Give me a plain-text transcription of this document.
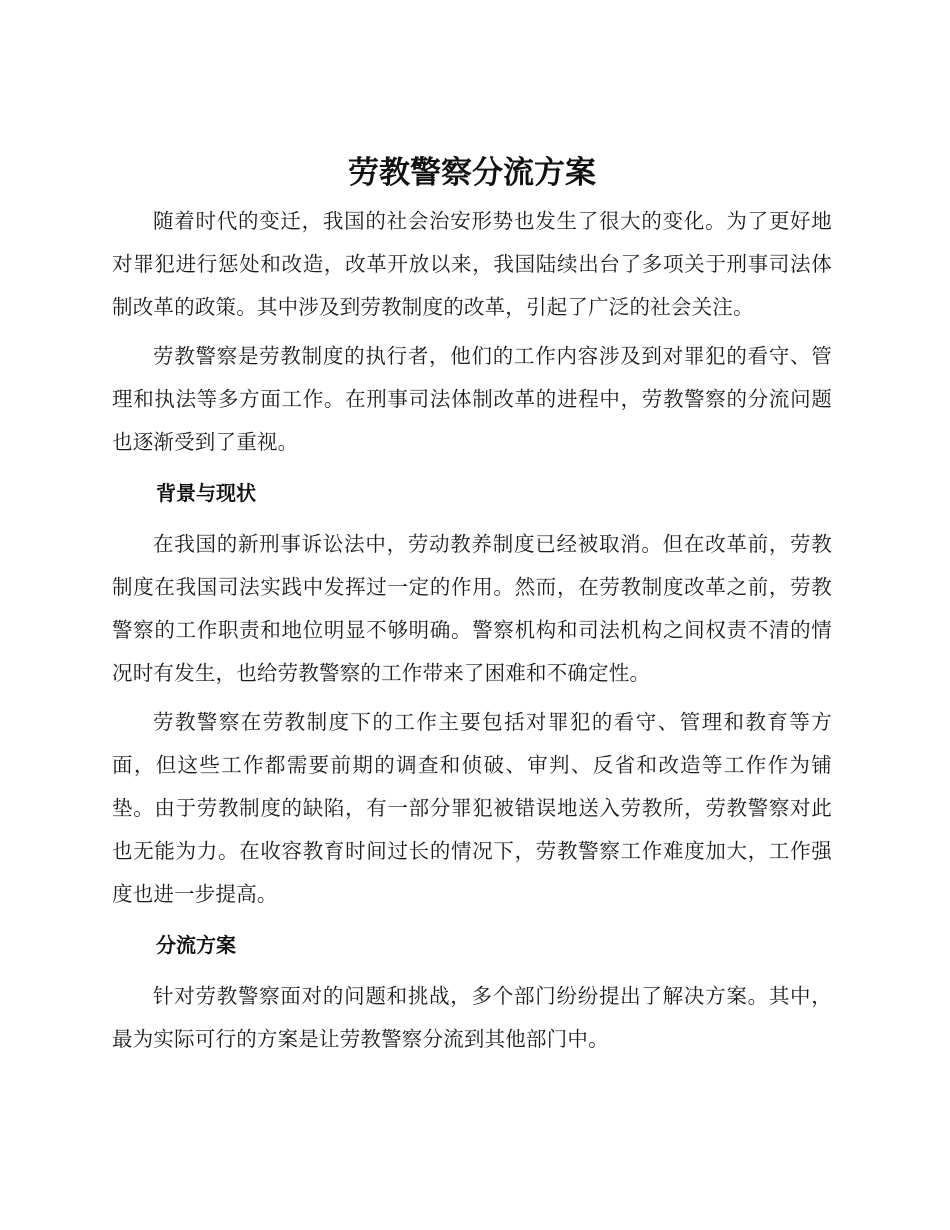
劳教警察分流方案

随着时代的变迁，我国的社会治安形势也发生了很大的变化。为了更好地对罪犯进行惩处和改造，改革开放以来，我国陆续出台了多项关于刑事司法体制改革的政策。其中涉及到劳教制度的改革，引起了广泛的社会关注。

劳教警察是劳教制度的执行者，他们的工作内容涉及到对罪犯的看守、管理和执法等多方面工作。在刑事司法体制改革的进程中，劳教警察的分流问题也逐渐受到了重视。

背景与现状

在我国的新刑事诉讼法中，劳动教养制度已经被取消。但在改革前，劳教制度在我国司法实践中发挥过一定的作用。然而，在劳教制度改革之前，劳教警察的工作职责和地位明显不够明确。警察机构和司法机构之间权责不清的情况时有发生，也给劳教警察的工作带来了困难和不确定性。

劳教警察在劳教制度下的工作主要包括对罪犯的看守、管理和教育等方面，但这些工作都需要前期的调查和侦破、审判、反省和改造等工作作为铺垫。由于劳教制度的缺陷，有一部分罪犯被错误地送入劳教所，劳教警察对此也无能为力。在收容教育时间过长的情况下，劳教警察工作难度加大，工作强度也进一步提高。

分流方案

针对劳教警察面对的问题和挑战，多个部门纷纷提出了解决方案。其中，最为实际可行的方案是让劳教警察分流到其他部门中。
